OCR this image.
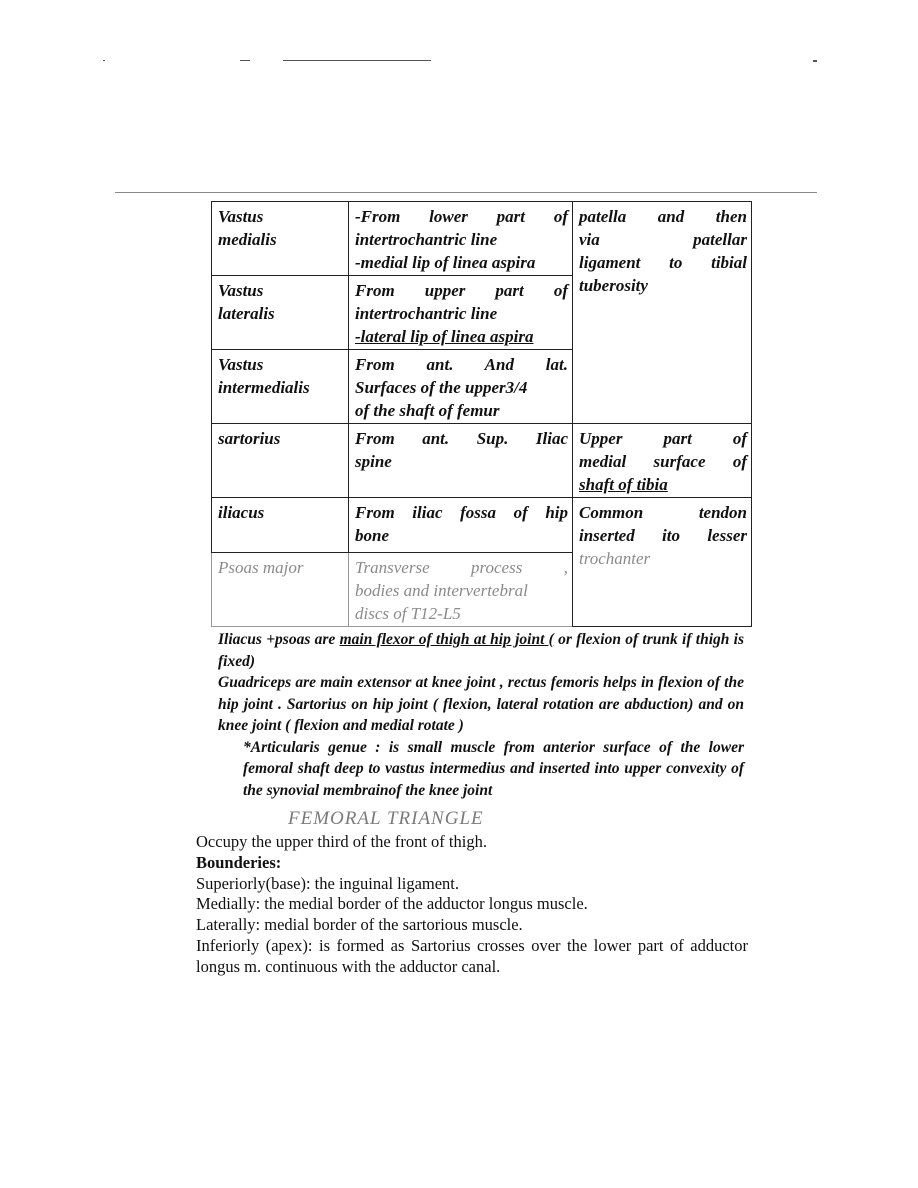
Vastus
medialis	-From lower part of
intertrochantric line
-medial lip of linea aspira	patella and then
via patellar
ligament to tibial
tuberosity

Vastus
lateralis	From upper part of
intertrochantric line
-lateral lip of linea aspira	

Vastus
intermedialis	From ant. And lat.
Surfaces of the upper3/4
of the shaft of femur	

sartorius	From ant. Sup. Iliac
spine	Upper part of
medial surface of
shaft of tibia

iliacus	From iliac fossa of hip
bone	Common tendon
inserted ito lesser
trochanter

Psoas major	Transverse process ,
bodies and intervertebral
discs of T12-L5	

Iliacus +psoas are main flexor of thigh at hip joint ( or flexion of trunk if thigh is fixed)

Guadriceps are main extensor at knee joint , rectus femoris helps in flexion of the hip joint . Sartorius on hip joint ( flexion, lateral rotation are abduction) and on knee joint ( flexion and medial rotate )

*Articularis genue : is small muscle from anterior surface of the lower femoral shaft deep to vastus intermedius and inserted into upper convexity of the synovial membrainof the knee joint

FEMORAL TRIANGLE

Occupy the upper third of the front of thigh.

Bounderies:

Superiorly(base): the inguinal ligament.

Medially: the medial border of the adductor longus muscle.

Laterally: medial border of the sartorious muscle.

Inferiorly (apex): is formed as Sartorius crosses over the lower part of adductor longus m. continuous with the adductor canal.
